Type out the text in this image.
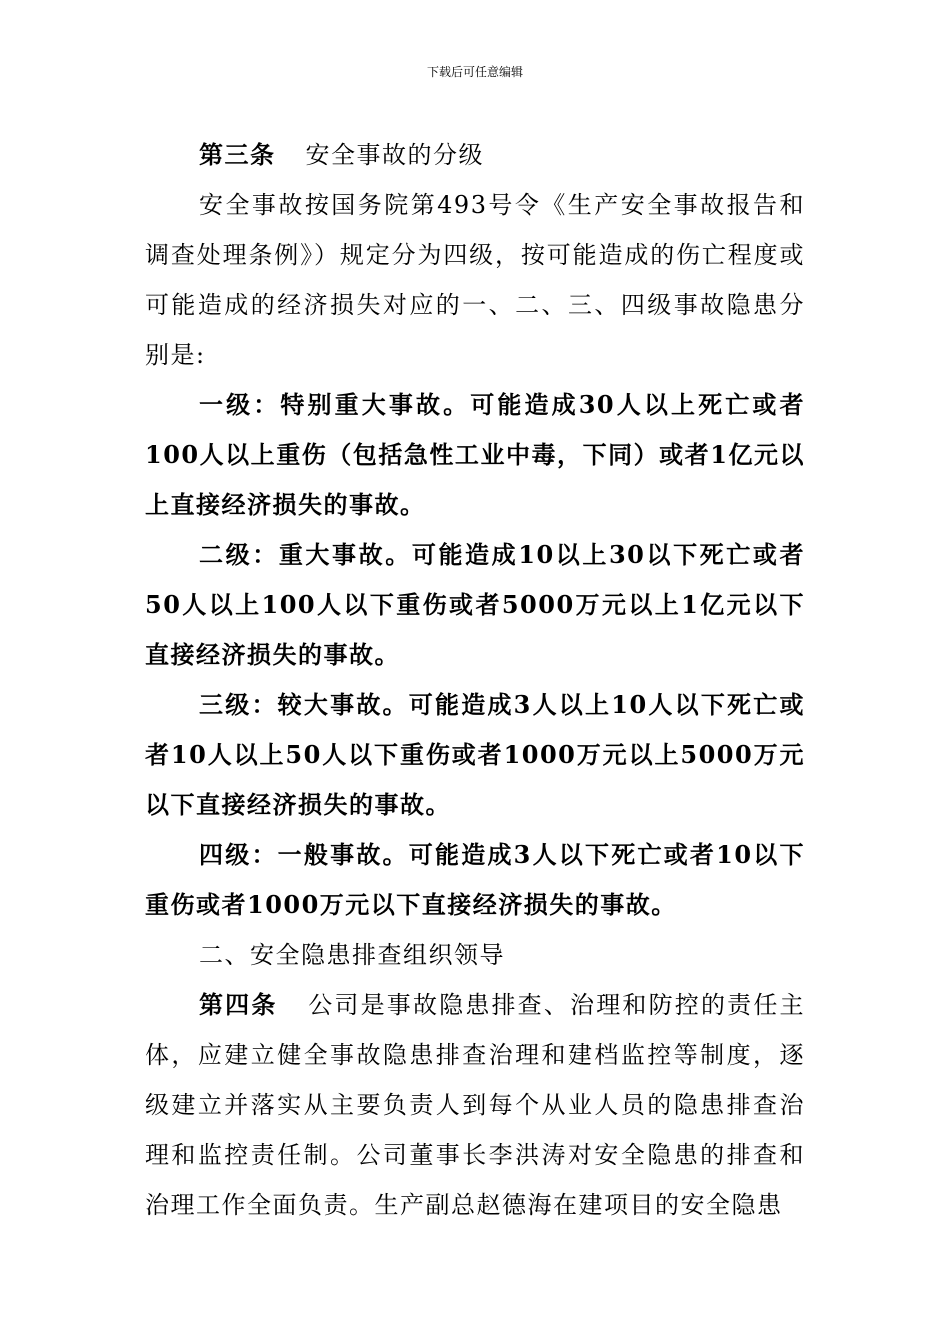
下载后可任意编辑

第三条 安全事故的分级

安全事故按国务院第493号令《生产安全事故报告和调查处理条例》）规定分为四级，按可能造成的伤亡程度或可能造成的经济损失对应的一、二、三、四级事故隐患分别是:

一级：特别重大事故。可能造成30人以上死亡或者100人以上重伤（包括急性工业中毒，下同）或者1亿元以上直接经济损失的事故。

二级：重大事故。可能造成10以上30以下死亡或者50人以上100人以下重伤或者5000万元以上1亿元以下直接经济损失的事故。

三级：较大事故。可能造成3人以上10人以下死亡或者10人以上50人以下重伤或者1000万元以上5000万元以下直接经济损失的事故。

四级：一般事故。可能造成3人以下死亡或者10以下重伤或者1000万元以下直接经济损失的事故。

二、安全隐患排查组织领导

第四条 公司是事故隐患排查、治理和防控的责任主体，应建立健全事故隐患排查治理和建档监控等制度，逐级建立并落实从主要负责人到每个从业人员的隐患排查治理和监控责任制。公司董事长李洪涛对安全隐患的排查和治理工作全面负责。生产副总赵德海在建项目的安全隐患
